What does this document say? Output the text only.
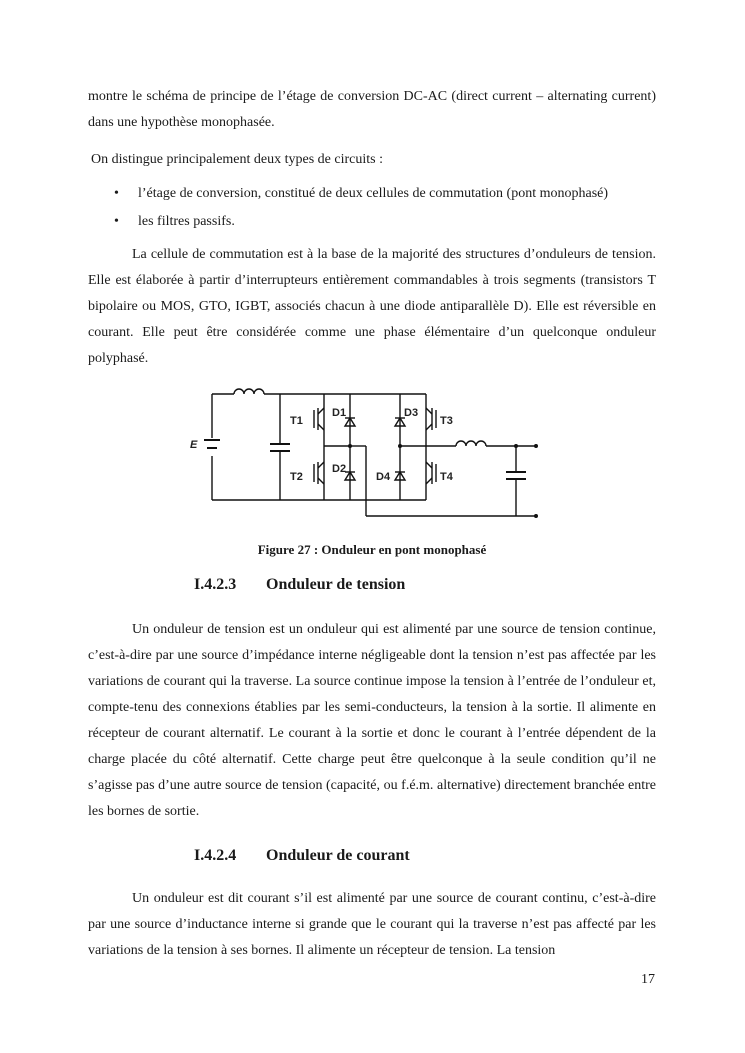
montre le schéma de principe de l’étage de conversion DC-AC (direct current – alternating current) dans une hypothèse monophasée.

On distingue principalement deux types de circuits :

• l’étage de conversion, constitué de deux cellules de commutation (pont monophasé)
• les filtres passifs.

La cellule de commutation est à la base de la majorité des structures d’onduleurs de tension. Elle est élaborée à partir d’interrupteurs entièrement commandables à trois segments (transistors T bipolaire ou MOS, GTO, IGBT, associés chacun à une diode antiparallèle D). Elle est réversible en courant. Elle peut être considérée comme une phase élémentaire d’un quelconque onduleur polyphasé.

Figure 27 : Onduleur en pont monophasé
I.4.2.3 Onduleur de tension

Un onduleur de tension est un onduleur qui est alimenté par une source de tension continue, c’est-à-dire par une source d’impédance interne négligeable dont la tension n’est pas affectée par les variations de courant qui la traverse. La source continue impose la tension à l’entrée de l’onduleur et, compte-tenu des connexions établies par les semi-conducteurs, la tension à la sortie. Il alimente en récepteur de courant alternatif. Le courant à la sortie et donc le courant à l’entrée dépendent de la charge placée du côté alternatif. Cette charge peut être quelconque à la seule condition qu’il ne s’agisse pas d’une autre source de tension (capacité, ou f.é.m. alternative) directement branchée entre les bornes de sortie.

I.4.2.4 Onduleur de courant

Un onduleur est dit courant s’il est alimenté par une source de courant continu, c’est-à-dire par une source d’inductance interne si grande que le courant qui la traverse n’est pas affecté par les variations de la tension à ses bornes. Il alimente un récepteur de tension. La tension

E
T1
T2
D1
D2
D3
D4
T3
T4
17
